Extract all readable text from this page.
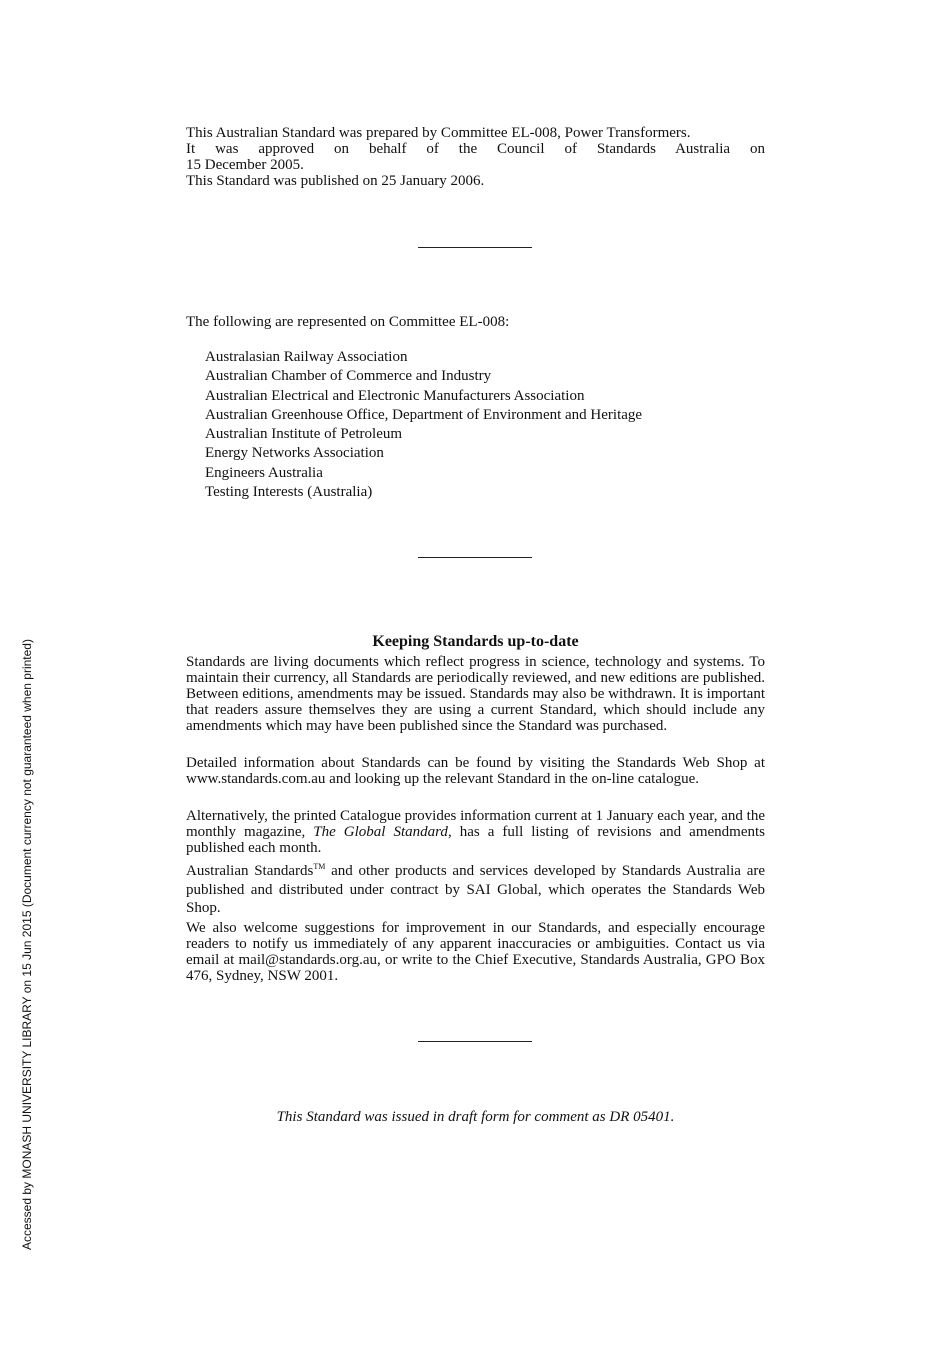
This Australian Standard was prepared by Committee EL-008, Power Transformers.
It was approved on behalf of the Council of Standards Australia on
15 December 2005.
This Standard was published on 25 January 2006.
The following are represented on Committee EL-008:
Australasian Railway Association
Australian Chamber of Commerce and Industry
Australian Electrical and Electronic Manufacturers Association
Australian Greenhouse Office, Department of Environment and Heritage
Australian Institute of Petroleum
Energy Networks Association
Engineers Australia
Testing Interests (Australia)
Keeping Standards up-to-date
Standards are living documents which reflect progress in science, technology and systems. To maintain their currency, all Standards are periodically reviewed, and new editions are published. Between editions, amendments may be issued. Standards may also be withdrawn. It is important that readers assure themselves they are using a current Standard, which should include any amendments which may have been published since the Standard was purchased.
Detailed information about Standards can be found by visiting the Standards Web Shop at www.standards.com.au and looking up the relevant Standard in the on-line catalogue.
Alternatively, the printed Catalogue provides information current at 1 January each year, and the monthly magazine, The Global Standard, has a full listing of revisions and amendments published each month.
Australian Standards™ and other products and services developed by Standards Australia are published and distributed under contract by SAI Global, which operates the Standards Web Shop.
We also welcome suggestions for improvement in our Standards, and especially encourage readers to notify us immediately of any apparent inaccuracies or ambiguities. Contact us via email at mail@standards.org.au, or write to the Chief Executive, Standards Australia, GPO Box 476, Sydney, NSW 2001.
This Standard was issued in draft form for comment as DR 05401.
Accessed by MONASH UNIVERSITY LIBRARY on 15 Jun 2015 (Document currency not guaranteed when printed)
